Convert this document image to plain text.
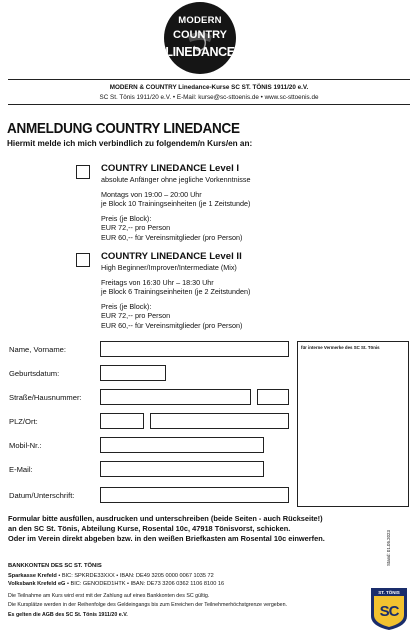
MODERN
COUNTRY
LINEDANCE
MODERN & COUNTRY Linedance-Kurse SC ST. TÖNIS 1911/20 e.V.
SC St. Tönis 1911/20 e.V. • E-Mail: kurse@sc-sttoenis.de • www.sc-sttoenis.de
ANMELDUNG COUNTRY LINEDANCE
Hiermit melde ich mich verbindlich zu folgendem/n Kurs/en an:
COUNTRY LINEDANCE Level I
absolute Anfänger ohne jegliche Vorkenntnisse
Montags von 19:00 – 20:00 Uhr
je Block 10 Trainingseinheiten (je 1 Zeitstunde)
Preis (je Block):
EUR 72,-- pro Person
EUR 60,-- für Vereinsmitglieder (pro Person)
COUNTRY LINEDANCE Level II
High Beginner/Improver/Intermediate (Mix)
Freitags von 16:30 Uhr – 18:30 Uhr
je Block 6 Trainingseinheiten (je 2 Zeitstunden)
Preis (je Block):
EUR 72,-- pro Person
EUR 60,-- für Vereinsmitglieder (pro Person)
Name, Vorname:
Geburtsdatum:
Straße/Hausnummer:
PLZ/Ort:
Mobil-Nr.:
E-Mail:
Datum/Unterschrift:
für interne Vermerke des SC St. Tönis
Formular bitte ausfüllen, ausdrucken und unterschreiben (beide Seiten - auch Rückseite!)
an den SC St. Tönis, Abteilung Kurse, Rosental 10c, 47918 Tönisvorst, schicken.
Oder im Verein direkt abgeben bzw. in den weißen Briefkasten am Rosental 10c einwerfen.
BANKKONTEN DES SC ST. TÖNIS
Sparkasse Krefeld • BIC: SPKRDE33XXX • IBAN: DE49 3205 0000 0067 1035 72
Volksbank Krefeld eG • BIC: GENODED1HTK • IBAN: DE73 3206 0362 1106 8100 16
Die Teilnahme am Kurs wird erst mit der Zahlung auf eines Bankkonten des SC gültig.
Die Kursplätze werden in der Reihenfolge des Geldeingangs bis zum Erreichen der Teilnehmerhöchstgrenze vergeben.
Es gelten die AGB des SC St. Tönis 1911/20 e.V.
Stand: 01.05.2023
ST. TÖNIS
SC
